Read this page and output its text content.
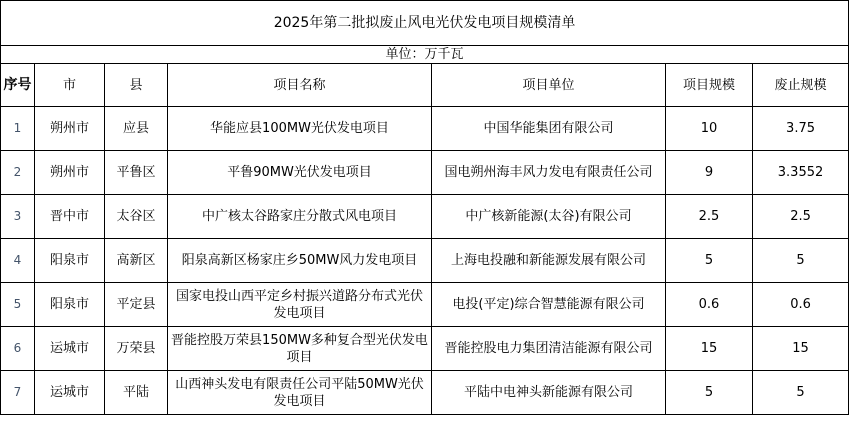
2025年第二批拟废止风电光伏发电项目规模清单						
单位：万千瓦						
序号	市	县	项目名称	项目单位	项目规模	废止规模
1	朔州市	应县	华能应县100MW光伏发电项目	中国华能集团有限公司	10	3.75
2	朔州市	平鲁区	平鲁90MW光伏发电项目	国电朔州海丰风力发电有限责任公司	9	3.3552
3	晋中市	太谷区	中广核太谷路家庄分散式风电项目	中广核新能源(太谷)有限公司	2.5	2.5
4	阳泉市	高新区	阳泉高新区杨家庄乡50MW风力发电项目	上海电投融和新能源发展有限公司	5	5
5	阳泉市	平定县	国家电投山西平定乡村振兴道路分布式光伏发电项目	电投(平定)综合智慧能源有限公司	0.6	0.6
6	运城市	万荣县	晋能控股万荣县150MW多种复合型光伏发电项目	晋能控股电力集团清洁能源有限公司	15	15
7	运城市	平陆	山西神头发电有限责任公司平陆50MW光伏发电项目	平陆中电神头新能源有限公司	5	5
